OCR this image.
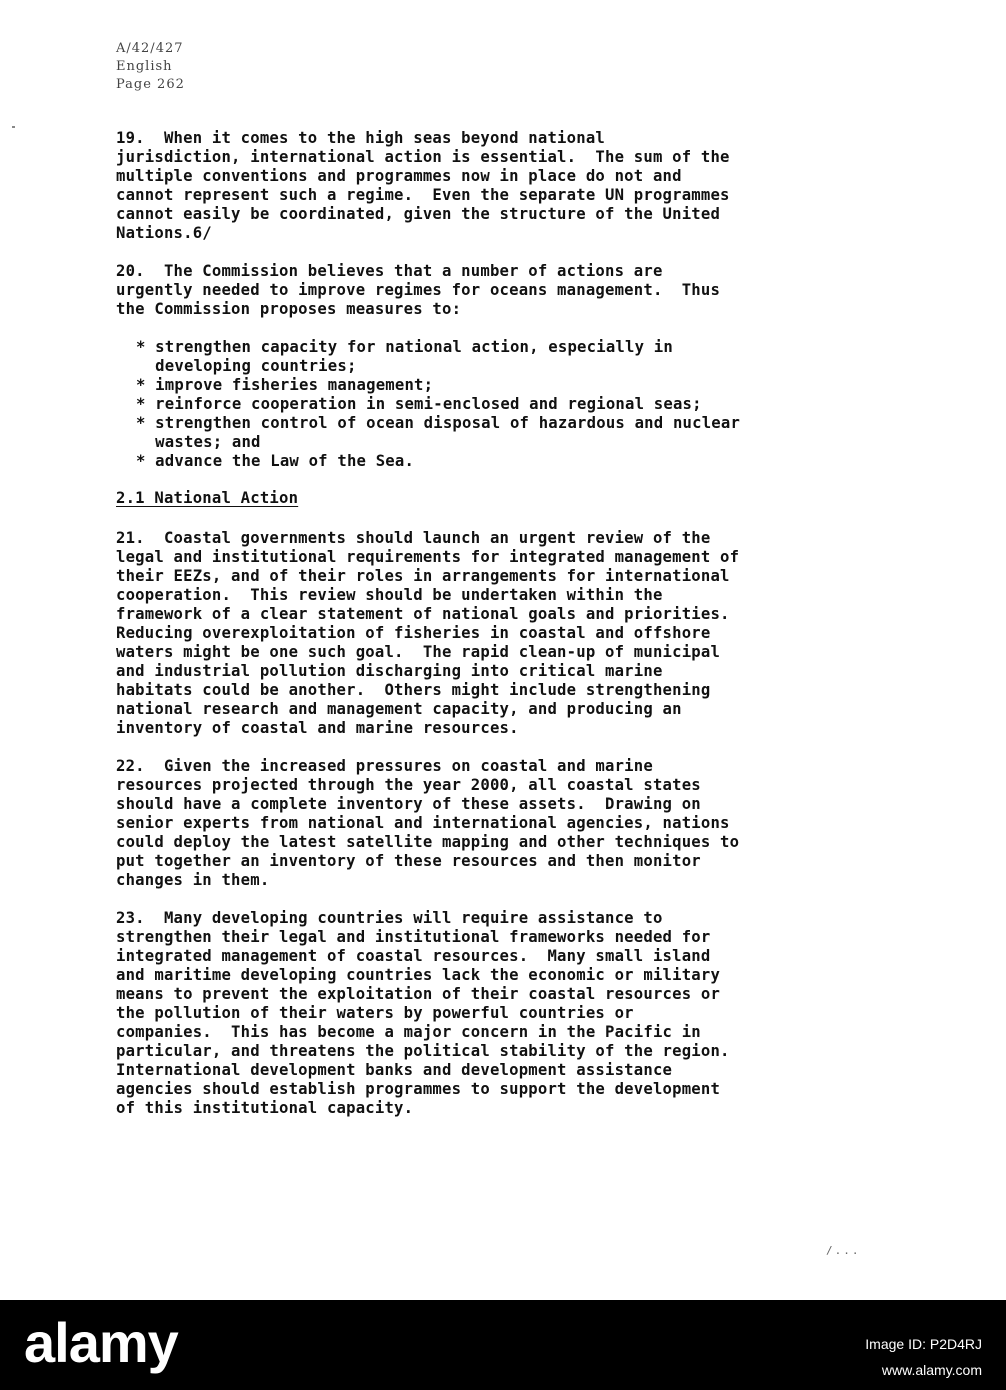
A/42/427
English
Page 262
19.  When it comes to the high seas beyond national
jurisdiction, international action is essential.  The sum of the
multiple conventions and programmes now in place do not and
cannot represent such a regime.  Even the separate UN programmes
cannot easily be coordinated, given the structure of the United
Nations.6/
20.  The Commission believes that a number of actions are
urgently needed to improve regimes for oceans management.  Thus
the Commission proposes measures to:
* strengthen capacity for national action, especially in
developing countries;
* improve fisheries management;
* reinforce cooperation in semi-enclosed and regional seas;
* strengthen control of ocean disposal of hazardous and nuclear
wastes; and
* advance the Law of the Sea.
2.1 National Action
21.  Coastal governments should launch an urgent review of the
legal and institutional requirements for integrated management of
their EEZs, and of their roles in arrangements for international
cooperation.  This review should be undertaken within the
framework of a clear statement of national goals and priorities.
Reducing overexploitation of fisheries in coastal and offshore
waters might be one such goal.  The rapid clean-up of municipal
and industrial pollution discharging into critical marine
habitats could be another.  Others might include strengthening
national research and management capacity, and producing an
inventory of coastal and marine resources.
22.  Given the increased pressures on coastal and marine
resources projected through the year 2000, all coastal states
should have a complete inventory of these assets.  Drawing on
senior experts from national and international agencies, nations
could deploy the latest satellite mapping and other techniques to
put together an inventory of these resources and then monitor
changes in them.
23.  Many developing countries will require assistance to
strengthen their legal and institutional frameworks needed for
integrated management of coastal resources.  Many small island
and maritime developing countries lack the economic or military
means to prevent the exploitation of their coastal resources or
the pollution of their waters by powerful countries or
companies.  This has become a major concern in the Pacific in
particular, and threatens the political stability of the region.
International development banks and development assistance
agencies should establish programmes to support the development
of this institutional capacity.
/...
alamy	Image ID: P2D4RJ
www.alamy.com
